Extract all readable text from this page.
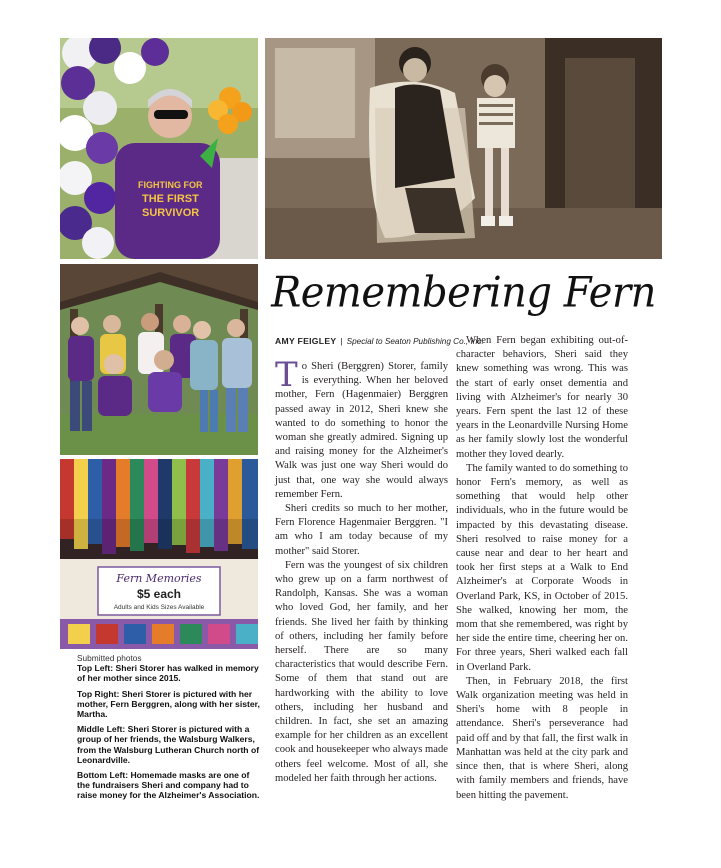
FIGHTING FOR
THE FIRST
SURVIVOR
Fern Memories
$5 each
Adults and Kids Sizes Available
Remembering Fern
AMY FEIGLEY | Special to Seaton Publishing Co., Inc.

To Sheri (Berggren) Storer, family is everything. When her beloved mother, Fern (Hagenmaier) Berggren passed away in 2012, Sheri knew she wanted to do something to honor the woman she greatly admired. Signing up and raising money for the Alzheimer's Walk was just one way Sheri would do just that, one way she would always remember Fern.

Sheri credits so much to her mother, Fern Florence Hagenmaier Berggren. "I am who I am today because of my mother" said Storer.

Fern was the youngest of six children who grew up on a farm northwest of Randolph, Kansas. She was a woman who loved God, her family, and her friends. She lived her faith by thinking of others, including her family before herself. There are so many characteristics that would describe Fern. Some of them that stand out are hardworking with the ability to love others, including her husband and children. In fact, she set an amazing example for her children as an excellent cook and housekeeper who always made others feel welcome. Most of all, she modeled her faith through her actions.

When Fern began exhibiting out-of-character behaviors, Sheri said they knew something was wrong. This was the start of early onset dementia and living with Alzheimer's for nearly 30 years. Fern spent the last 12 of these years in the Leonardville Nursing Home as her family slowly lost the wonderful mother they loved dearly.

The family wanted to do something to honor Fern's memory, as well as something that would help other individuals, who in the future would be impacted by this devastating disease. Sheri resolved to raise money for a cause near and dear to her heart and took her first steps at a Walk to End Alzheimer's at Corporate Woods in Overland Park, KS, in October of 2015. She walked, knowing her mom, the mom that she remembered, was right by her side the entire time, cheering her on. For three years, Sheri walked each fall in Overland Park.

Then, in February 2018, the first Walk organization meeting was held in Sheri's home with 8 people in attendance. Sheri's perseverance had paid off and by that fall, the first walk in Manhattan was held at the city park and since then, that is where Sheri, along with family members and friends, have been hitting the pavement.

Submitted photos

Top Left: Sheri Storer has walked in memory of her mother since 2015.

Top Right: Sheri Storer is pictured with her mother, Fern Berggren, along with her sister, Martha.

Middle Left: Sheri Storer is pictured with a group of her friends, the Walsburg Walkers, from the Walsburg Lutheran Church north of Leonardville.

Bottom Left: Homemade masks are one of the fundraisers Sheri and company had to raise money for the Alzheimer's Association.
